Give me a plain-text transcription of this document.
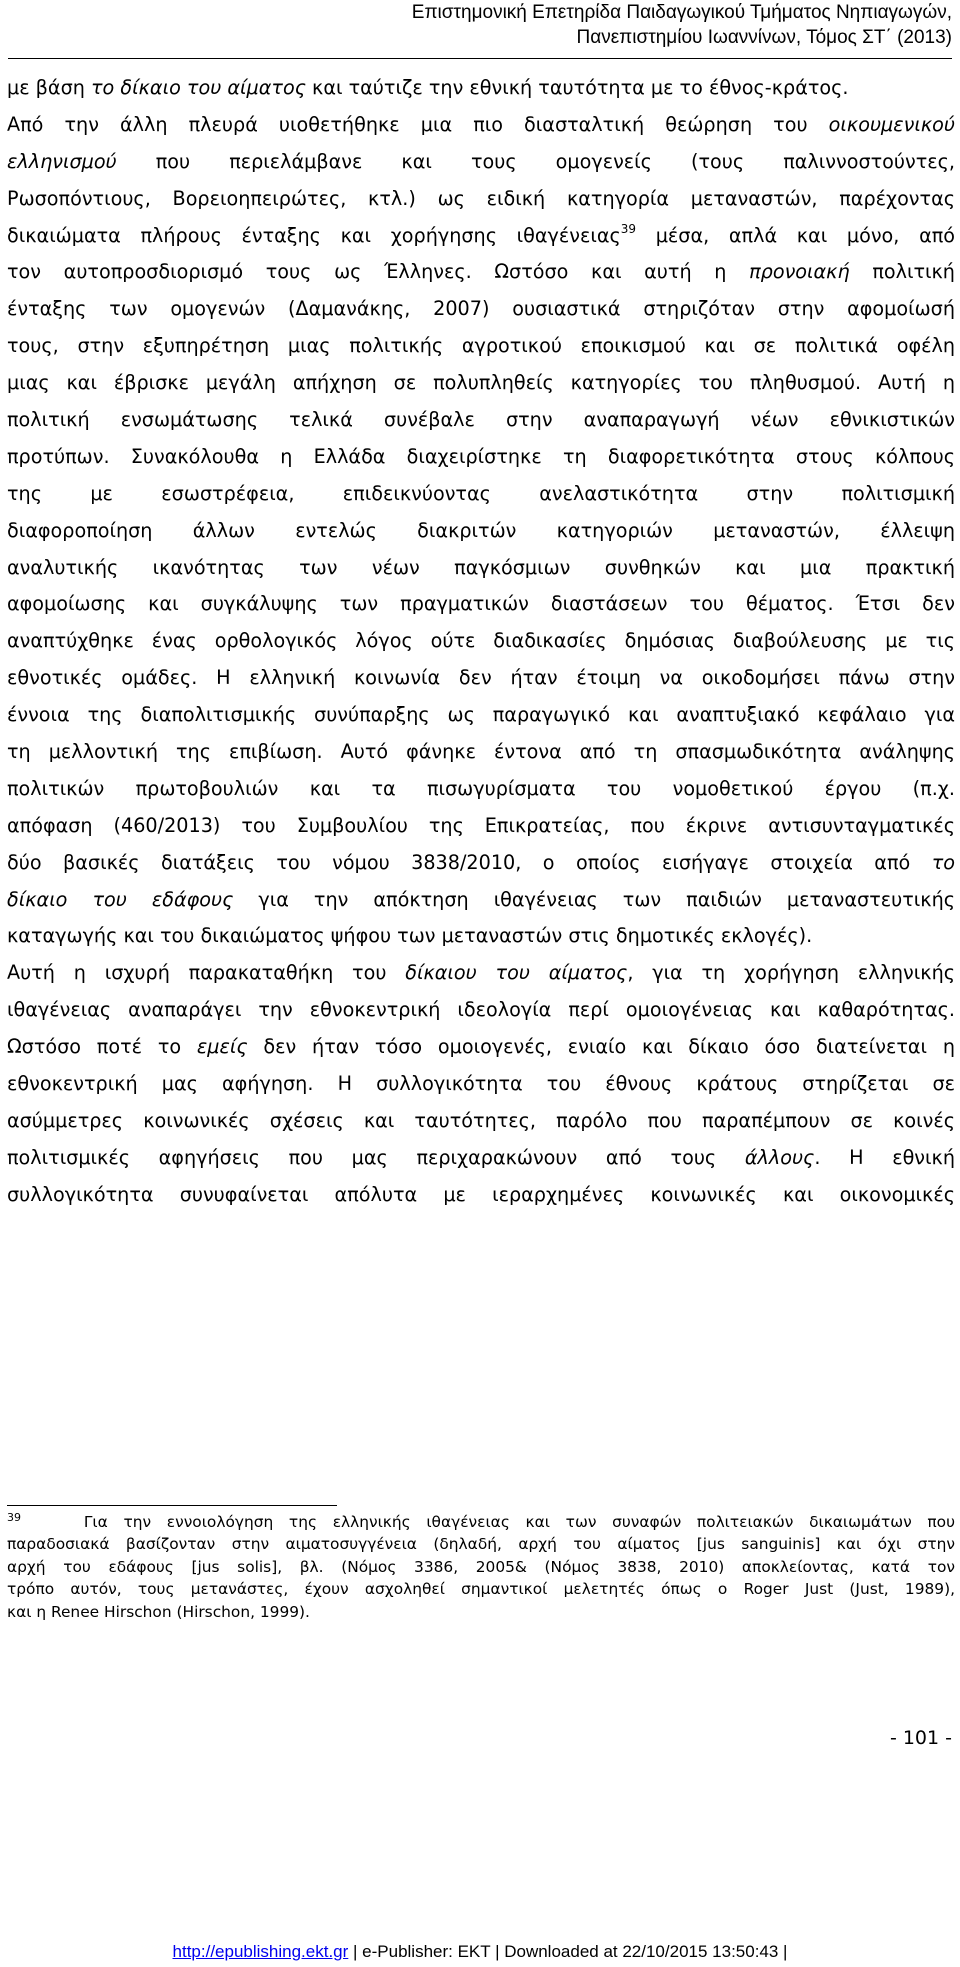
Επιστημονική Επετηρίδα Παιδαγωγικού Τμήματος Νηπιαγωγών,
Πανεπιστημίου Ιωαννίνων, Τόμος ΣΤ΄ (2013)

με βάση το δίκαιο του αίματος και ταύτιζε την εθνική ταυτότητα με το έθνος-κράτος.
Από την άλλη πλευρά υιοθετήθηκε μια πιο διασταλτική θεώρηση του οικουμενικού
ελληνισμού που περιελάμβανε και τους ομογενείς (τους παλιννοστούντες,
Ρωσοπόντιους, Βορειοηπειρώτες, κτλ.) ως ειδική κατηγορία μεταναστών, παρέχοντας
δικαιώματα πλήρους ένταξης και χορήγησης ιθαγένειας$^{39}$ μέσα, απλά και μόνο, από
τον αυτοπροσδιορισμό τους ως Έλληνες. Ωστόσο και αυτή η προνοιακή πολιτική
ένταξης των ομογενών (Δαμανάκης, 2007) ουσιαστικά στηριζόταν στην αφομοίωσή
τους, στην εξυπηρέτηση μιας πολιτικής αγροτικού εποικισμού και σε πολιτικά οφέλη
μιας και έβρισκε μεγάλη απήχηση σε πολυπληθείς κατηγορίες του πληθυσμού. Αυτή η
πολιτική ενσωμάτωσης τελικά συνέβαλε στην αναπαραγωγή νέων εθνικιστικών
προτύπων. Συνακόλουθα η Ελλάδα διαχειρίστηκε τη διαφορετικότητα στους κόλπους
της με εσωστρέφεια, επιδεικνύοντας ανελαστικότητα στην πολιτισμική
διαφοροποίηση άλλων εντελώς διακριτών κατηγοριών μεταναστών, έλλειψη
αναλυτικής ικανότητας των νέων παγκόσμιων συνθηκών και μια πρακτική
αφομοίωσης και συγκάλυψης των πραγματικών διαστάσεων του θέματος. Έτσι δεν
αναπτύχθηκε ένας ορθολογικός λόγος ούτε διαδικασίες δημόσιας διαβούλευσης με τις
εθνοτικές ομάδες. Η ελληνική κοινωνία δεν ήταν έτοιμη να οικοδομήσει πάνω στην
έννοια της διαπολιτισμικής συνύπαρξης ως παραγωγικό και αναπτυξιακό κεφάλαιο για
τη μελλοντική της επιβίωση. Αυτό φάνηκε έντονα από τη σπασμωδικότητα ανάληψης
πολιτικών πρωτοβουλιών και τα πισωγυρίσματα του νομοθετικού έργου (π.χ.
απόφαση (460/2013) του Συμβουλίου της Επικρατείας, που έκρινε αντισυνταγματικές
δύο βασικές διατάξεις του νόμου 3838/2010, ο οποίος εισήγαγε στοιχεία από το
δίκαιο του εδάφους για την απόκτηση ιθαγένειας των παιδιών μεταναστευτικής
καταγωγής και του δικαιώματος ψήφου των μεταναστών στις δημοτικές εκλογές).

Αυτή η ισχυρή παρακαταθήκη του δίκαιου του αίματος, για τη χορήγηση ελληνικής
ιθαγένειας αναπαράγει την εθνοκεντρική ιδεολογία περί ομοιογένειας και καθαρότητας.
Ωστόσο ποτέ το εμείς δεν ήταν τόσο ομοιογενές, ενιαίο και δίκαιο όσο διατείνεται η
εθνοκεντρική μας αφήγηση. Η συλλογικότητα του έθνους κράτους στηρίζεται σε
ασύμμετρες κοινωνικές σχέσεις και ταυτότητες, παρόλο που παραπέμπουν σε κοινές
πολιτισμικές αφηγήσεις που μας περιχαρακώνουν από τους άλλους. Η εθνική
συλλογικότητα συνυφαίνεται απόλυτα με ιεραρχημένες κοινωνικές και οικονομικές

$^{39}$	Για την εννοιολόγηση της ελληνικής ιθαγένειας και των συναφών πολιτειακών δικαιωμάτων που
παραδοσιακά βασίζονταν στην αιματοσυγγένεια (δηλαδή, αρχή του αίματος [jus sanguinis] και όχι στην
αρχή του εδάφους [jus solis], βλ. (Νόμος 3386, 2005& (Νόμος 3838, 2010) αποκλείοντας, κατά τον
τρόπο αυτόν, τους μετανάστες, έχουν ασχοληθεί σημαντικοί μελετητές όπως ο Roger Just (Just, 1989),
και η Renee Hirschon (Hirschon, 1999).
- 101 -
http://epublishing.ekt.gr | e-Publisher: EKT | Downloaded at 22/10/2015 13:50:43 |
